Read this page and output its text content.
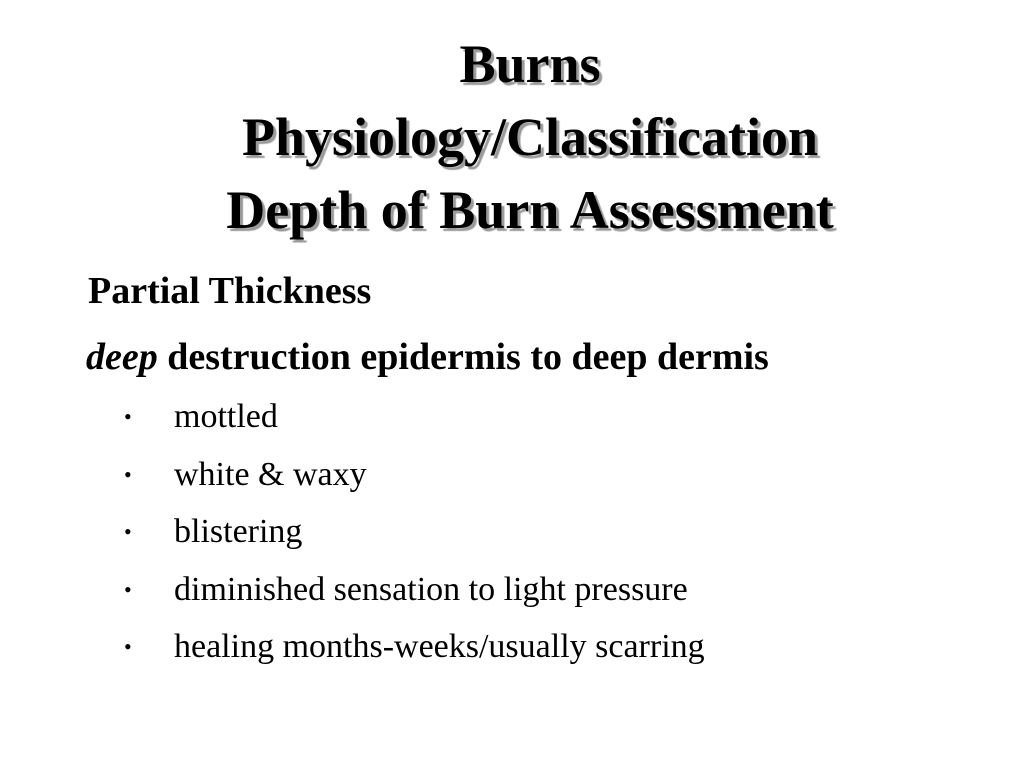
Burns
Physiology/Classification
Depth of Burn Assessment
Partial Thickness
deep destruction epidermis to deep dermis
• mottled
• white & waxy
• blistering
• diminished sensation to light pressure
• healing months-weeks/usually scarring
